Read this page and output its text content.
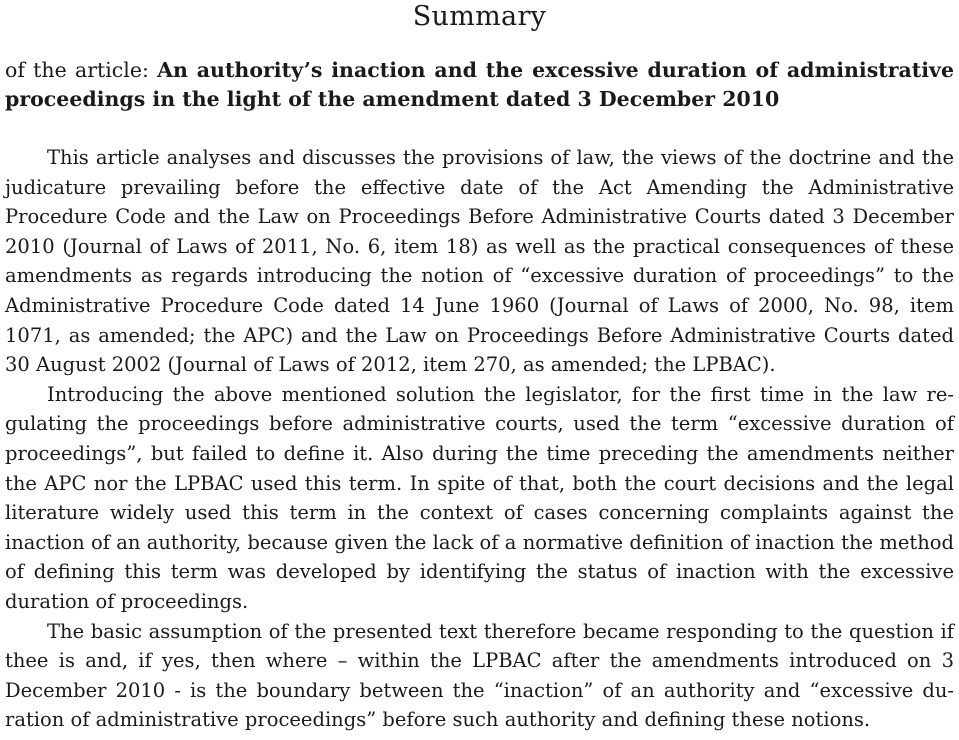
Summary
of the article: An authority’s inaction and the excessive duration of administrative proceedings in the light of the amendment dated 3 December 2010

This article analyses and discusses the provisions of law, the views of the doctrine and the judicature prevailing before the effective date of the Act Amending the Administrative Procedure Code and the Law on Proceedings Before Administrative Courts dated 3 December 2010 (Journal of Laws of 2011, No. 6, item 18) as well as the practical consequences of these amendments as regards introducing the notion of “excessive duration of proceedings” to the Administrative Procedure Code dated 14 June 1960 (Journal of Laws of 2000, No. 98, item 1071, as amended; the APC) and the Law on Proceedings Before Administrative Courts dated 30 August 2002 (Journal of Laws of 2012, item 270, as amended; the LPBAC).

Introducing the above mentioned solution the legislator, for the first time in the law regulating the proceedings before administrative courts, used the term “excessive duration of proceedings”, but failed to define it. Also during the time preceding the amendments neither the APC nor the LPBAC used this term. In spite of that, both the court decisions and the legal literature widely used this term in the context of cases concerning complaints against the inaction of an authority, because given the lack of a normative definition of inaction the method of defining this term was developed by identifying the status of inaction with the excessive duration of proceedings.

The basic assumption of the presented text therefore became responding to the question if thee is and, if yes, then where – within the LPBAC after the amendments introduced on 3 December 2010 - is the boundary between the “inaction” of an authority and “excessive duration of administrative proceedings” before such authority and defining these notions.
